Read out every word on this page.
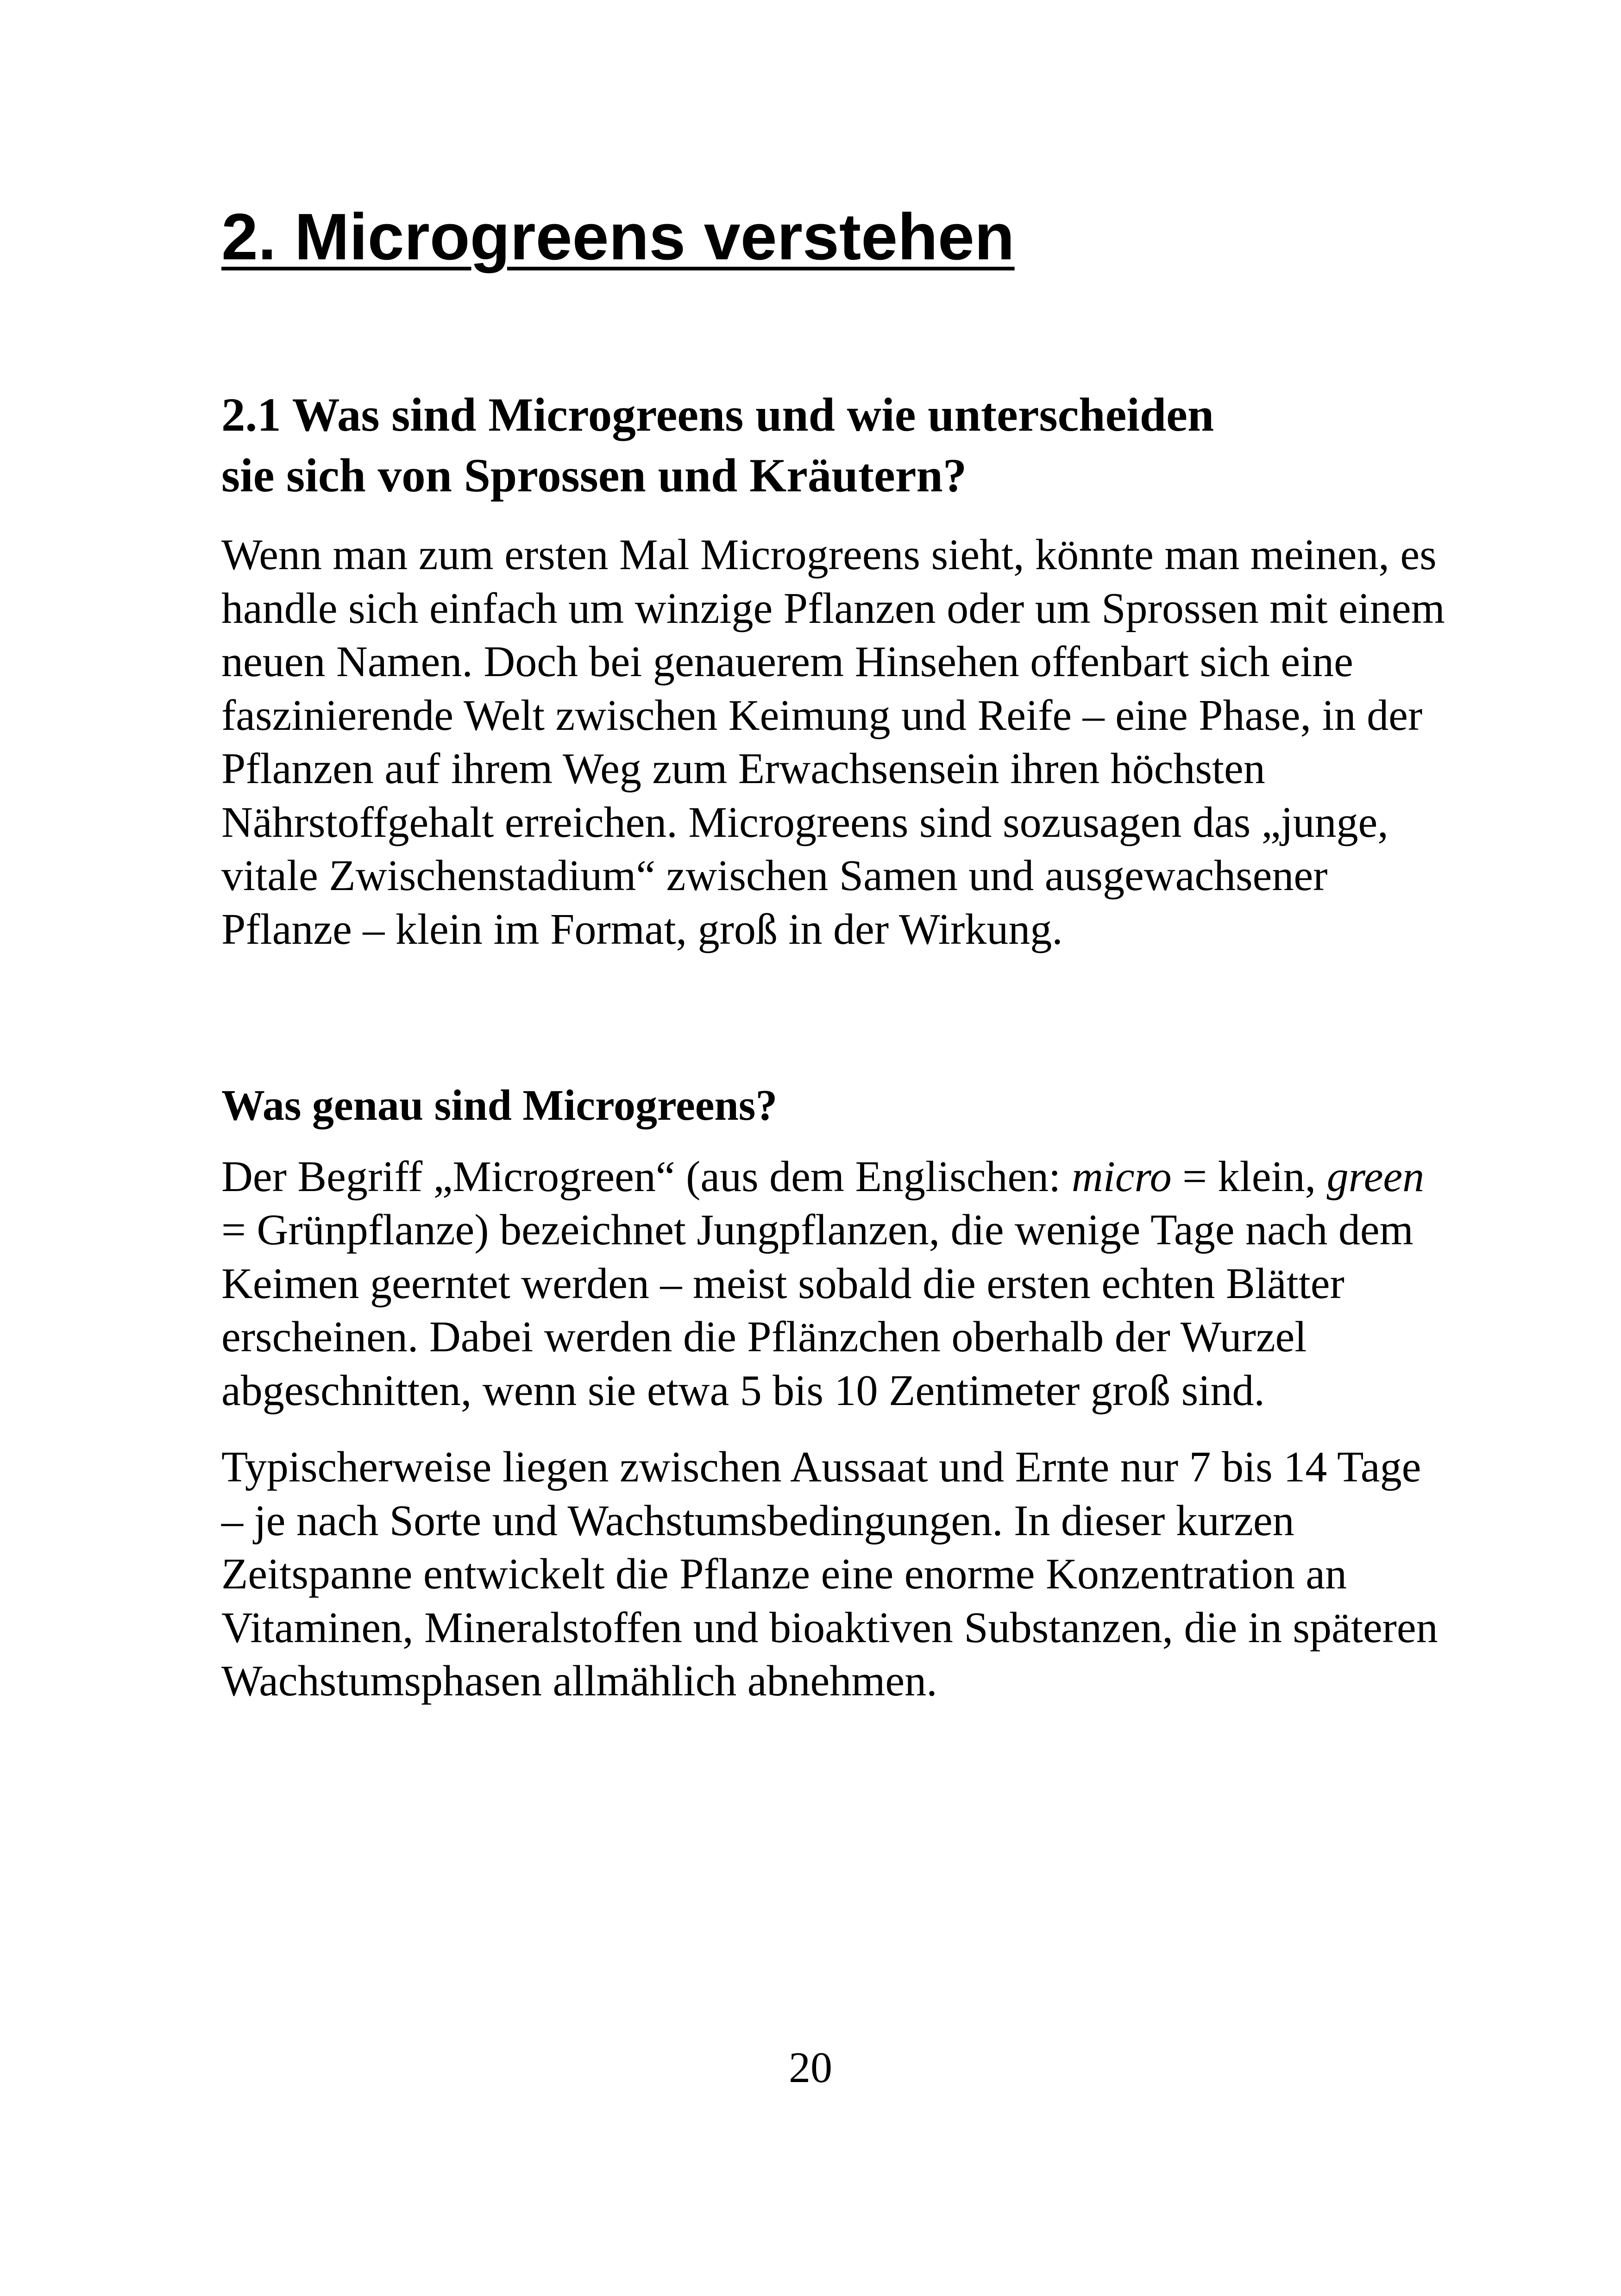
2. Microgreens verstehen
2.1 Was sind Microgreens und wie unterscheiden
sie sich von Sprossen und Kräutern?

Wenn man zum ersten Mal Microgreens sieht, könnte man meinen, es handle sich einfach um winzige Pflanzen oder um Sprossen mit einem neuen Namen. Doch bei genauerem Hinsehen offenbart sich eine faszinierende Welt zwischen Keimung und Reife – eine Phase, in der Pflanzen auf ihrem Weg zum Erwachsensein ihren höchsten Nährstoffgehalt erreichen. Microgreens sind sozusagen das „junge, vitale Zwischenstadium“ zwischen Samen und ausgewachsener Pflanze – klein im Format, groß in der Wirkung.

Was genau sind Microgreens?

Der Begriff „Microgreen“ (aus dem Englischen: micro = klein, green = Grünpflanze) bezeichnet Jungpflanzen, die wenige Tage nach dem Keimen geerntet werden – meist sobald die ersten echten Blätter erscheinen. Dabei werden die Pflänzchen oberhalb der Wurzel abgeschnitten, wenn sie etwa 5 bis 10 Zentimeter groß sind.

Typischerweise liegen zwischen Aussaat und Ernte nur 7 bis 14 Tage – je nach Sorte und Wachstumsbedingungen. In dieser kurzen Zeitspanne entwickelt die Pflanze eine enorme Konzentration an Vitaminen, Mineralstoffen und bioaktiven Substanzen, die in späteren Wachstumsphasen allmählich abnehmen.

20
